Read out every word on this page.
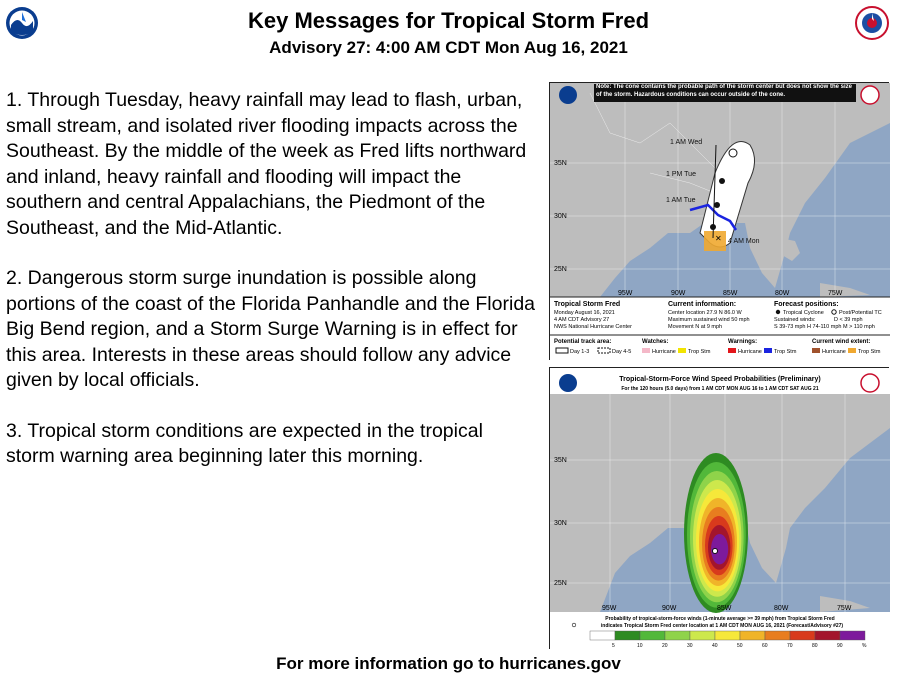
Key Messages for Tropical Storm Fred
Advisory 27: 4:00 AM CDT Mon Aug 16, 2021

1. Through Tuesday, heavy rainfall may lead to flash, urban, small stream, and isolated river flooding impacts across the Southeast. By the middle of the week as Fred lifts northward and inland, heavy rainfall and flooding will impact the southern and central Appalachians, the Piedmont of the Southeast, and the Mid-Atlantic.

2. Dangerous storm surge inundation is possible along portions of the coast of the Florida Panhandle and the Florida Big Bend region, and a Storm Surge Warning is in effect for this area. Interests in these areas should follow any advice given by local officials.

3. Tropical storm conditions are expected in the tropical storm warning area beginning later this morning.

✕
1 AM Wed
1 PM Tue
1 AM Tue
4 AM Mon
35N
30N
25N
95W	90W	85W	80W	75W
Note: The cone contains the probable path of the storm center but does not show the size of the storm. Hazardous conditions can occur outside of the cone.
Tropical Storm Fred
Monday August 16, 2021
4 AM CDT Advisory 27
NWS National Hurricane Center
Current information:
Center location 27.9 N 86.0 W
Maximum sustained wind 50 mph
Movement N at 9 mph
Forecast positions:
Tropical Cyclone	Post/Potential TC
Sustained winds:	D < 39 mph
S 39-73 mph H 74-110 mph M > 110 mph
Potential track area:
Day 1-3	Day 4-5
Watches:
Hurricane Trop Stm
Warnings:
Hurricane Trop Stm
Current wind extent:
Hurricane Trop Stm
Tropical-Storm-Force Wind Speed Probabilities (Preliminary)
For the 120 hours (5.0 days) from 1 AM CDT MON AUG 16 to 1 AM CDT SAT AUG 21
35N
30N
25N
95W	90W	85W	80W	75W
Probability of tropical-storm-force winds (1-minute average >= 39 mph) from Tropical Storm Fred
indicates Tropical Storm Fred center location at 1 AM CDT MON AUG 16, 2021 (Forecast/Advisory #27)
5	10	20	30	40	50	60	70	80	90	%
For more information go to hurricanes.gov
